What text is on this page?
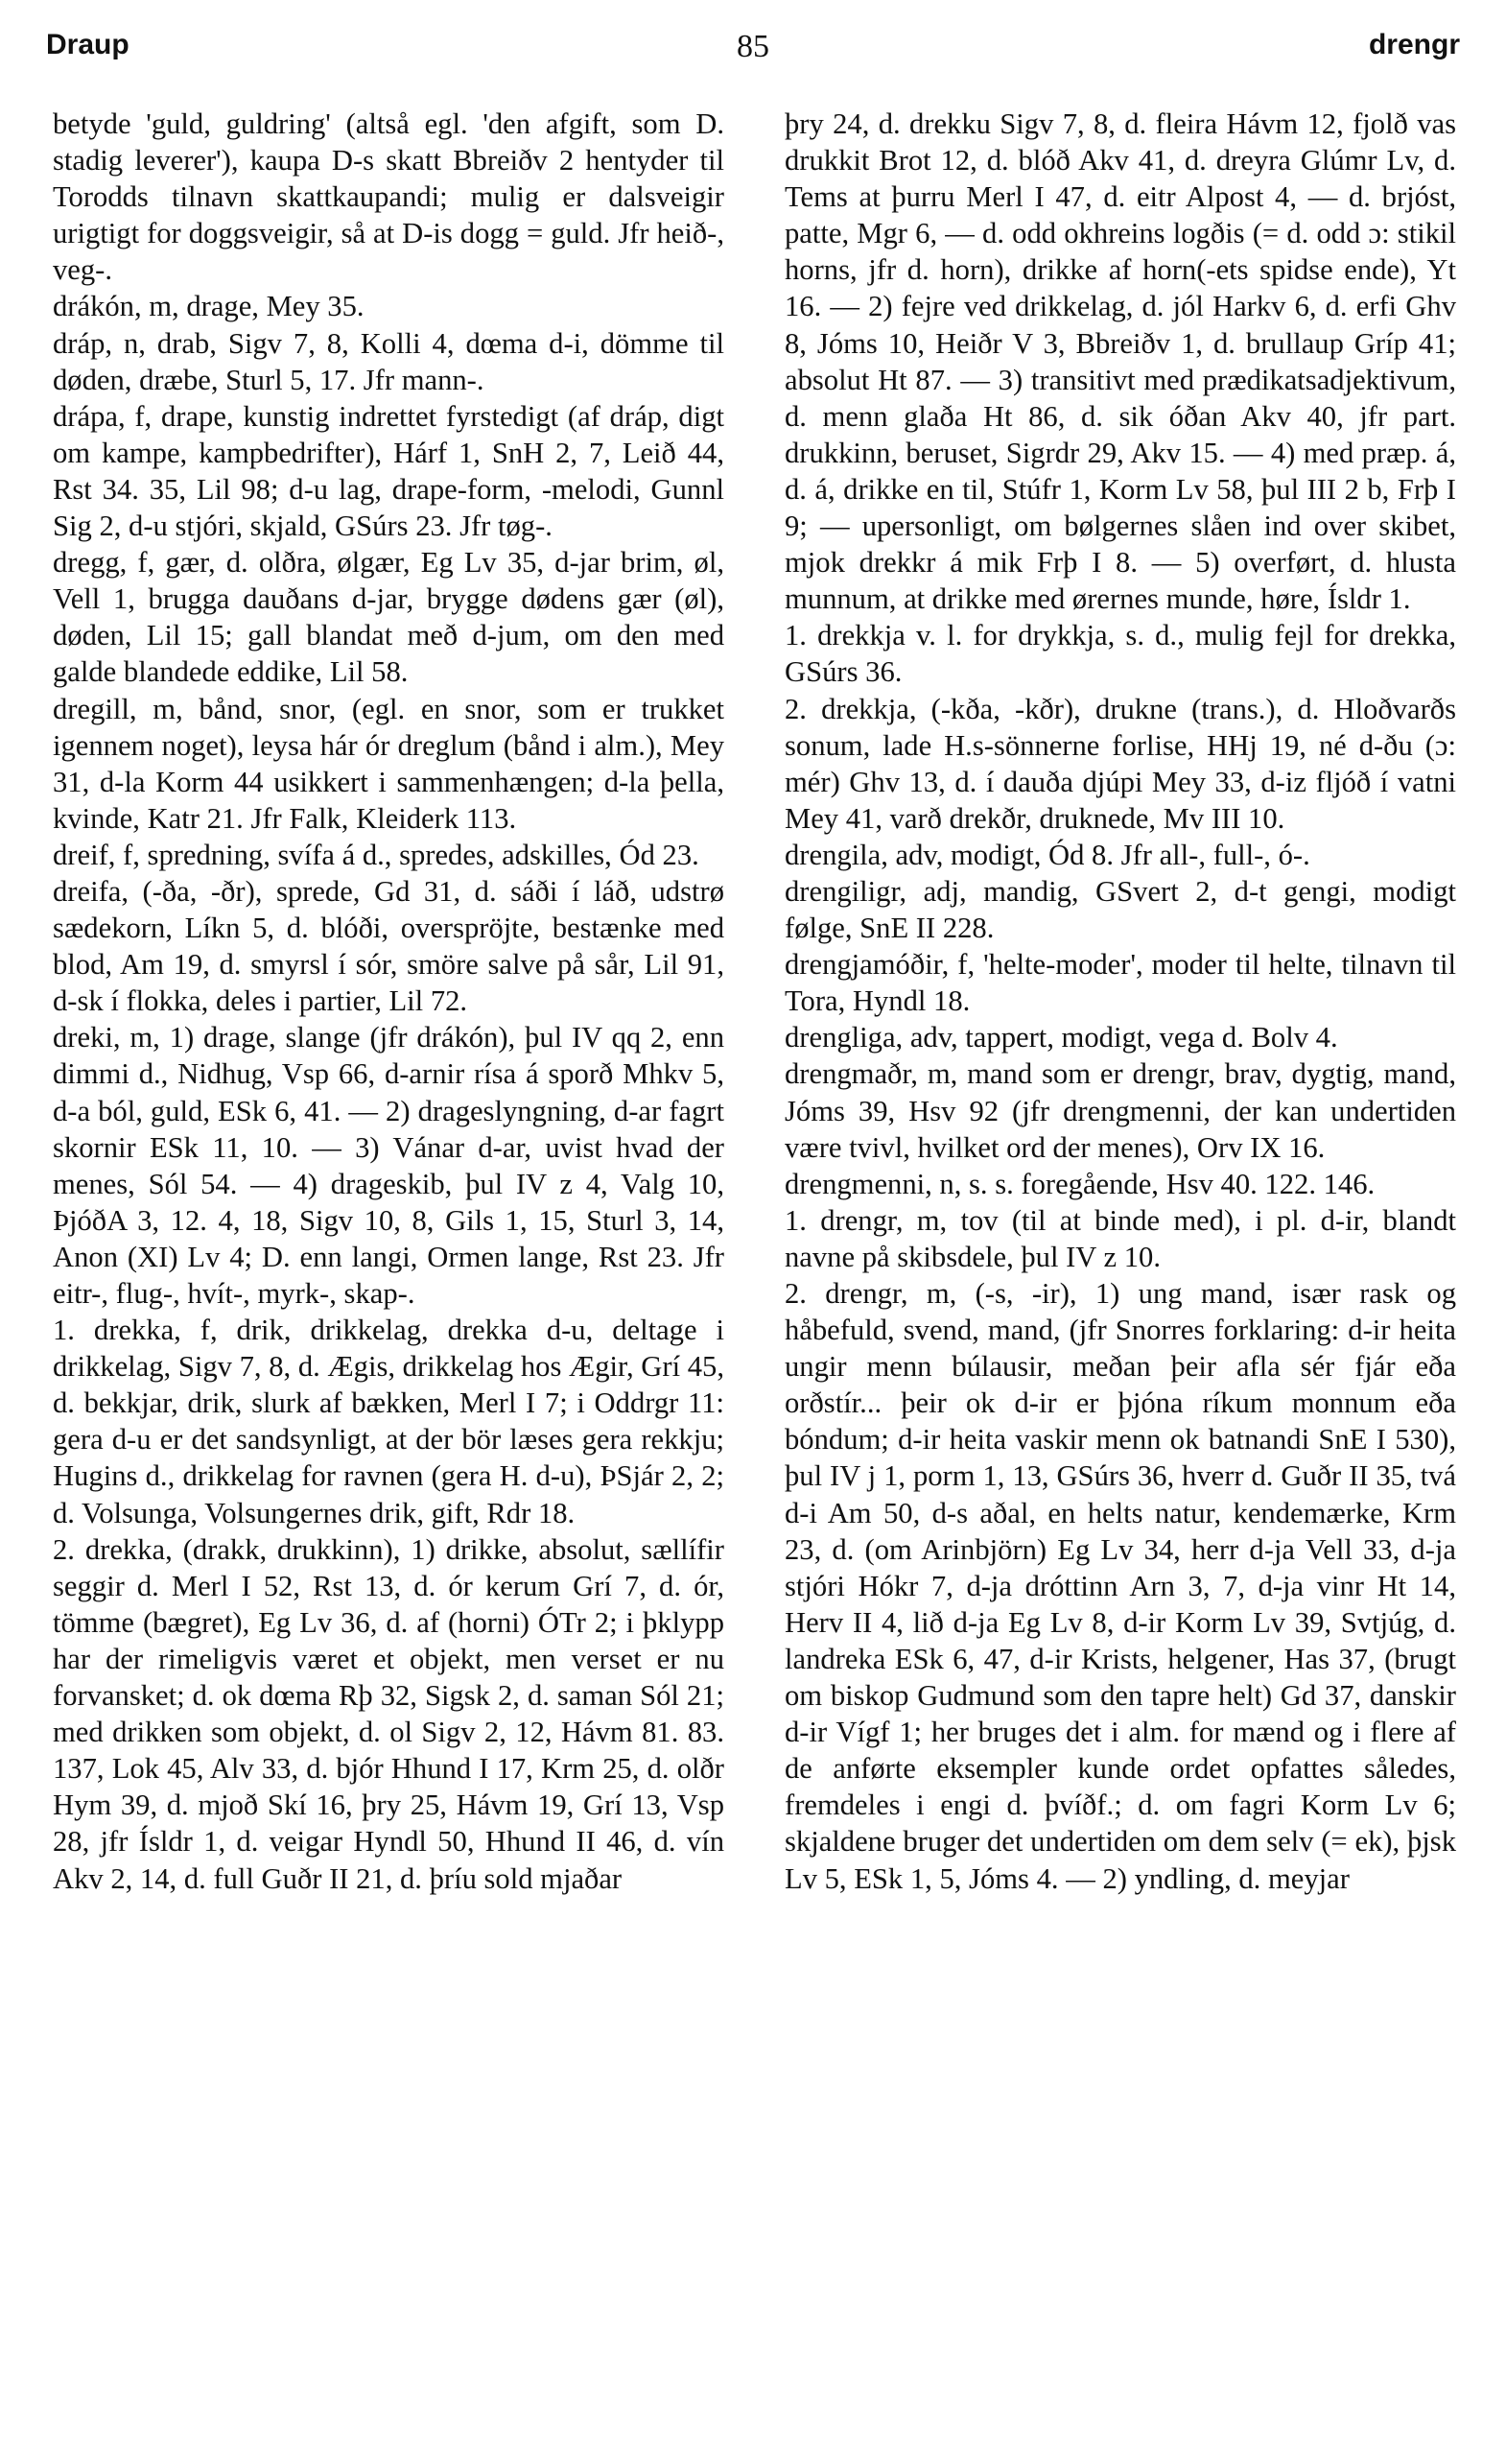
Draup	85	drengr

betyde 'guld, guldring' (altså egl. 'den afgift, som D. stadig leverer'), kaupa D-s skatt Bbreiðv 2 hentyder til Torodds tilnavn skattkaupandi; mulig er dalsveigir urigtigt for doggsveigir, så at D-is dogg = guld. Jfr heið-, veg-.

drákón, m, drage, Mey 35.

dráp, n, drab, Sigv 7, 8, Kolli 4, dœma d-i, dömme til døden, dræbe, Sturl 5, 17. Jfr mann-.

drápa, f, drape, kunstig indrettet fyrstedigt (af dráp, digt om kampe, kampbedrifter), Hárf 1, SnH 2, 7, Leið 44, Rst 34. 35, Lil 98; d-u lag, drape-form, -melodi, Gunnl Sig 2, d-u stjóri, skjald, GSúrs 23. Jfr tøg-.

dregg, f, gær, d. olðra, ølgær, Eg Lv 35, d-jar brim, øl, Vell 1, brugga dauðans d-jar, brygge dødens gær (øl), døden, Lil 15; gall blandat með d-jum, om den med galde blandede eddike, Lil 58.

dregill, m, bånd, snor, (egl. en snor, som er trukket igennem noget), leysa hár ór dreglum (bånd i alm.), Mey 31, d-la Korm 44 usikkert i sammenhængen; d-la þella, kvinde, Katr 21. Jfr Falk, Kleiderk 113.

dreif, f, spredning, svífa á d., spredes, adskilles, Ód 23.

dreifa, (-ða, -ðr), sprede, Gd 31, d. sáði í láð, udstrø sædekorn, Líkn 5, d. blóði, overspröjte, bestænke med blod, Am 19, d. smyrsl í sór, smöre salve på sår, Lil 91, d-sk í flokka, deles i partier, Lil 72.

dreki, m, 1) drage, slange (jfr drákón), þul IV qq 2, enn dimmi d., Nidhug, Vsp 66, d-arnir rísa á sporð Mhkv 5, d-a ból, guld, ESk 6, 41. — 2) drageslyngning, d-ar fagrt skornir ESk 11, 10. — 3) Vánar d-ar, uvist hvad der menes, Sól 54. — 4) drageskib, þul IV z 4, Valg 10, ÞjóðA 3, 12. 4, 18, Sigv 10, 8, Gils 1, 15, Sturl 3, 14, Anon (XI) Lv 4; D. enn langi, Ormen lange, Rst 23. Jfr eitr-, flug-, hvít-, myrk-, skap-.

1. drekka, f, drik, drikkelag, drekka d-u, deltage i drikkelag, Sigv 7, 8, d. Ægis, drikkelag hos Ægir, Grí 45, d. bekkjar, drik, slurk af bækken, Merl I 7; i Oddrgr 11: gera d-u er det sandsynligt, at der bör læses gera rekkju; Hugins d., drikkelag for ravnen (gera H. d-u), ÞSjár 2, 2; d. Volsunga, Volsungernes drik, gift, Rdr 18.

2. drekka, (drakk, drukkinn), 1) drikke, absolut, sællífir seggir d. Merl I 52, Rst 13, d. ór kerum Grí 7, d. ór, tömme (bægret), Eg Lv 36, d. af (horni) ÓTr 2; i þklypp har der rimeligvis været et objekt, men verset er nu forvansket; d. ok dœma Rþ 32, Sigsk 2, d. saman Sól 21; med drikken som objekt, d. ol Sigv 2, 12, Hávm 81. 83. 137, Lok 45, Alv 33, d. bjór Hhund I 17, Krm 25, d. olðr Hym 39, d. mjoð Skí 16, þry 25, Hávm 19, Grí 13, Vsp 28, jfr Ísldr 1, d. veigar Hyndl 50, Hhund II 46, d. vín Akv 2, 14, d. full Guðr II 21, d. þríu sold mjaðar

þry 24, d. drekku Sigv 7, 8, d. fleira Hávm 12, fjolð vas drukkit Brot 12, d. blóð Akv 41, d. dreyra Glúmr Lv, d. Tems at þurru Merl I 47, d. eitr Alpost 4, — d. brjóst, patte, Mgr 6, — d. odd okhreins logðis (= d. odd ɔ: stikil horns, jfr d. horn), drikke af horn(-ets spidse ende), Yt 16. — 2) fejre ved drikkelag, d. jól Harkv 6, d. erfi Ghv 8, Jóms 10, Heiðr V 3, Bbreiðv 1, d. brullaup Gríp 41; absolut Ht 87. — 3) transitivt med prædikatsadjektivum, d. menn glaða Ht 86, d. sik óðan Akv 40, jfr part. drukkinn, beruset, Sigrdr 29, Akv 15. — 4) med præp. á, d. á, drikke en til, Stúfr 1, Korm Lv 58, þul III 2 b, Frþ I 9; — upersonligt, om bølgernes slåen ind over skibet, mjok drekkr á mik Frþ I 8. — 5) overført, d. hlusta munnum, at drikke med ørernes munde, høre, Ísldr 1.

1. drekkja v. l. for drykkja, s. d., mulig fejl for drekka, GSúrs 36.

2. drekkja, (-kða, -kðr), drukne (trans.), d. Hloðvarðs sonum, lade H.s-sönnerne forlise, HHj 19, né d-ðu (ɔ: mér) Ghv 13, d. í dauða djúpi Mey 33, d-iz fljóð í vatni Mey 41, varð drekðr, druknede, Mv III 10.

drengila, adv, modigt, Ód 8. Jfr all-, full-, ó-.

drengiligr, adj, mandig, GSvert 2, d-t gengi, modigt følge, SnE II 228.

drengjamóðir, f, 'helte-moder', moder til helte, tilnavn til Tora, Hyndl 18.

drengliga, adv, tappert, modigt, vega d. Bolv 4.

drengmaðr, m, mand som er drengr, brav, dygtig, mand, Jóms 39, Hsv 92 (jfr drengmenni, der kan undertiden være tvivl, hvilket ord der menes), Orv IX 16.

drengmenni, n, s. s. foregående, Hsv 40. 122. 146.

1. drengr, m, tov (til at binde med), i pl. d-ir, blandt navne på skibsdele, þul IV z 10.

2. drengr, m, (-s, -ir), 1) ung mand, især rask og håbefuld, svend, mand, (jfr Snorres forklaring: d-ir heita ungir menn búlausir, meðan þeir afla sér fjár eða orðstír... þeir ok d-ir er þjóna ríkum monnum eða bóndum; d-ir heita vaskir menn ok batnandi SnE I 530), þul IV j 1, porm 1, 13, GSúrs 36, hverr d. Guðr II 35, tvá d-i Am 50, d-s aðal, en helts natur, kendemærke, Krm 23, d. (om Arinbjörn) Eg Lv 34, herr d-ja Vell 33, d-ja stjóri Hókr 7, d-ja dróttinn Arn 3, 7, d-ja vinr Ht 14, Herv II 4, lið d-ja Eg Lv 8, d-ir Korm Lv 39, Svtjúg, d. landreka ESk 6, 47, d-ir Krists, helgener, Has 37, (brugt om biskop Gudmund som den tapre helt) Gd 37, danskir d-ir Vígf 1; her bruges det i alm. for mænd og i flere af de anførte eksempler kunde ordet opfattes således, fremdeles i engi d. þvíðf.; d. om fagri Korm Lv 6; skjaldene bruger det undertiden om dem selv (= ek), þjsk Lv 5, ESk 1, 5, Jóms 4. — 2) yndling, d. meyjar
